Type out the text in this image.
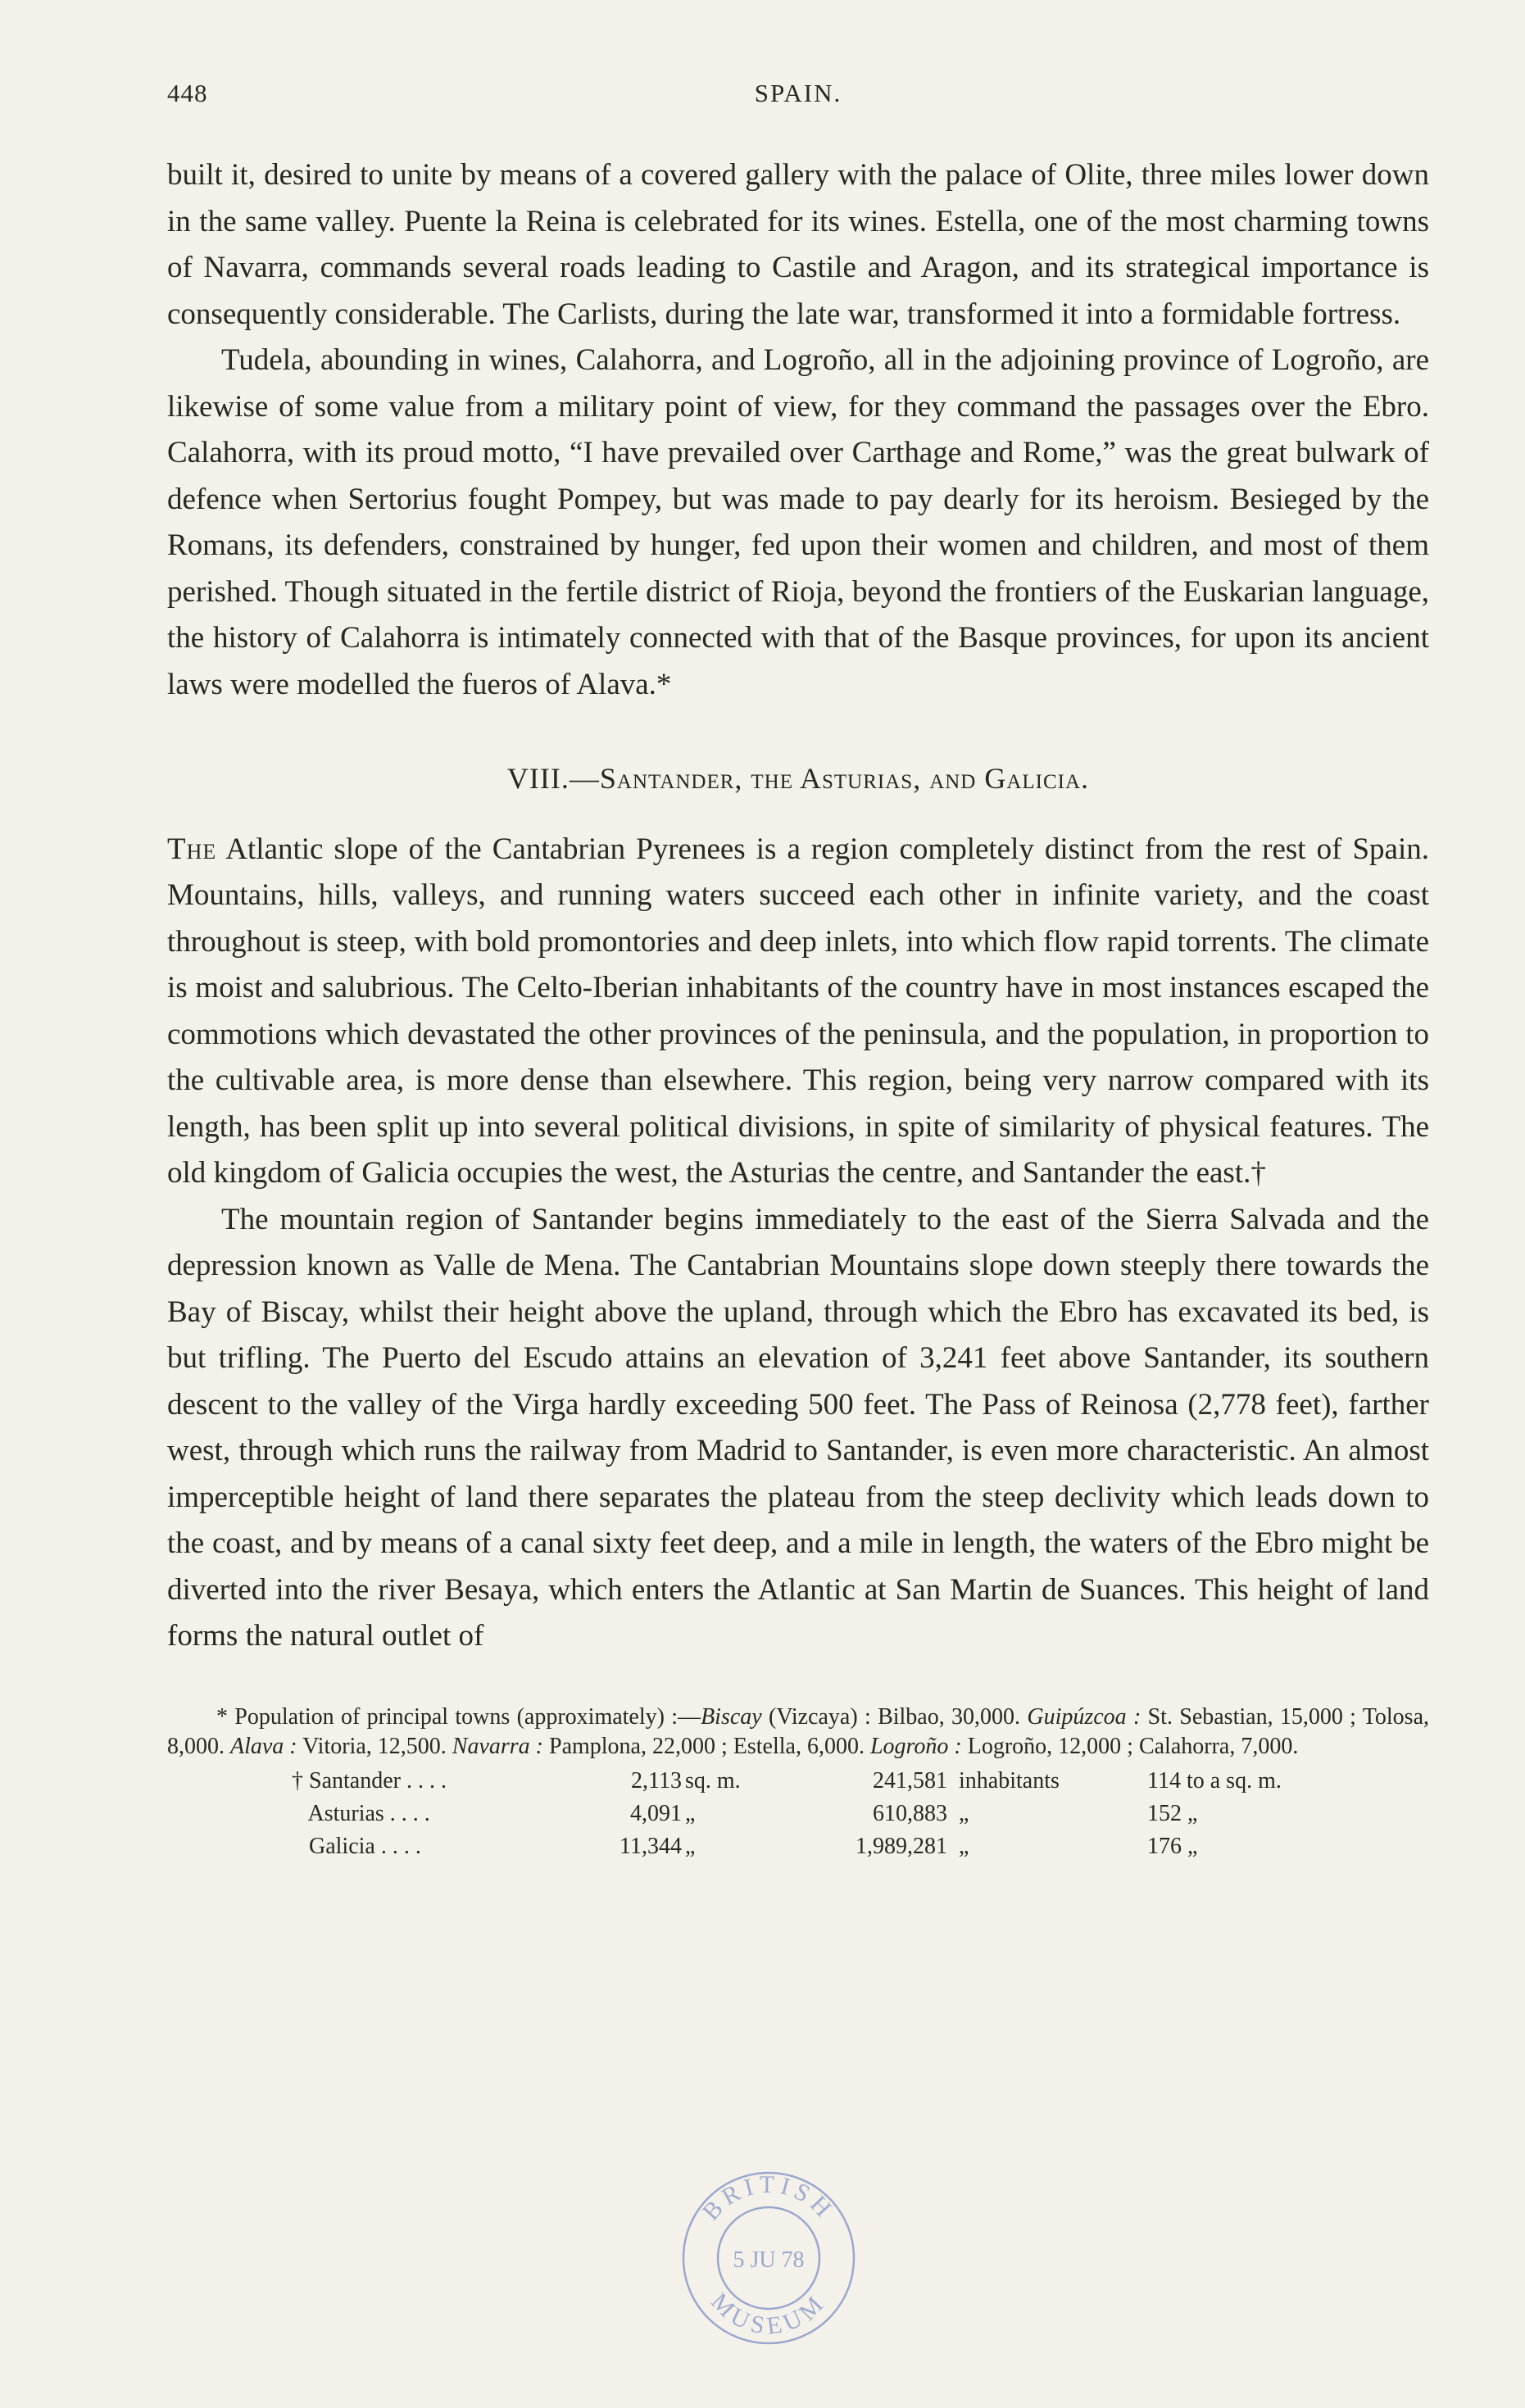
448	SPAIN.

built it, desired to unite by means of a covered gallery with the palace of Olite, three miles lower down in the same valley. Puente la Reina is celebrated for its wines. Estella, one of the most charming towns of Navarra, commands several roads leading to Castile and Aragon, and its strategical importance is consequently considerable. The Carlists, during the late war, transformed it into a formidable fortress.

Tudela, abounding in wines, Calahorra, and Logroño, all in the adjoining province of Logroño, are likewise of some value from a military point of view, for they command the passages over the Ebro. Calahorra, with its proud motto, “I have prevailed over Carthage and Rome,” was the great bulwark of defence when Sertorius fought Pompey, but was made to pay dearly for its heroism. Besieged by the Romans, its defenders, constrained by hunger, fed upon their women and children, and most of them perished. Though situated in the fertile district of Rioja, beyond the frontiers of the Euskarian language, the history of Calahorra is intimately connected with that of the Basque provinces, for upon its ancient laws were modelled the fueros of Alava.*

VIII.—Santander, the Asturias, and Galicia.

The Atlantic slope of the Cantabrian Pyrenees is a region completely distinct from the rest of Spain. Mountains, hills, valleys, and running waters succeed each other in infinite variety, and the coast throughout is steep, with bold promontories and deep inlets, into which flow rapid torrents. The climate is moist and salubrious. The Celto-Iberian inhabitants of the country have in most instances escaped the commotions which devastated the other provinces of the peninsula, and the population, in proportion to the cultivable area, is more dense than elsewhere. This region, being very narrow compared with its length, has been split up into several political divisions, in spite of similarity of physical features. The old kingdom of Galicia occupies the west, the Asturias the centre, and Santander the east.†

The mountain region of Santander begins immediately to the east of the Sierra Salvada and the depression known as Valle de Mena. The Cantabrian Mountains slope down steeply there towards the Bay of Biscay, whilst their height above the upland, through which the Ebro has excavated its bed, is but trifling. The Puerto del Escudo attains an elevation of 3,241 feet above Santander, its southern descent to the valley of the Virga hardly exceeding 500 feet. The Pass of Reinosa (2,778 feet), farther west, through which runs the railway from Madrid to Santander, is even more characteristic. An almost imperceptible height of land there separates the plateau from the steep declivity which leads down to the coast, and by means of a canal sixty feet deep, and a mile in length, the waters of the Ebro might be diverted into the river Besaya, which enters the Atlantic at San Martin de Suances. This height of land forms the natural outlet of

* Population of principal towns (approximately) :—Biscay (Vizcaya) : Bilbao, 30,000. Guipúzcoa : St. Sebastian, 15,000 ; Tolosa, 8,000. Alava : Vitoria, 12,500. Navarra : Pamplona, 22,000 ; Estella, 6,000. Logroño : Logroño, 12,000 ; Calahorra, 7,000.
† Santander . . . .	2,113	sq. m.	241,581	inhabitants	114 to a sq. m.
Asturias . . . .	4,091	„	610,883	„	152 „
Galicia . . . .	11,344	„	1,989,281	„	176 „
BRITISH
MUSEUM
5 JU 78
